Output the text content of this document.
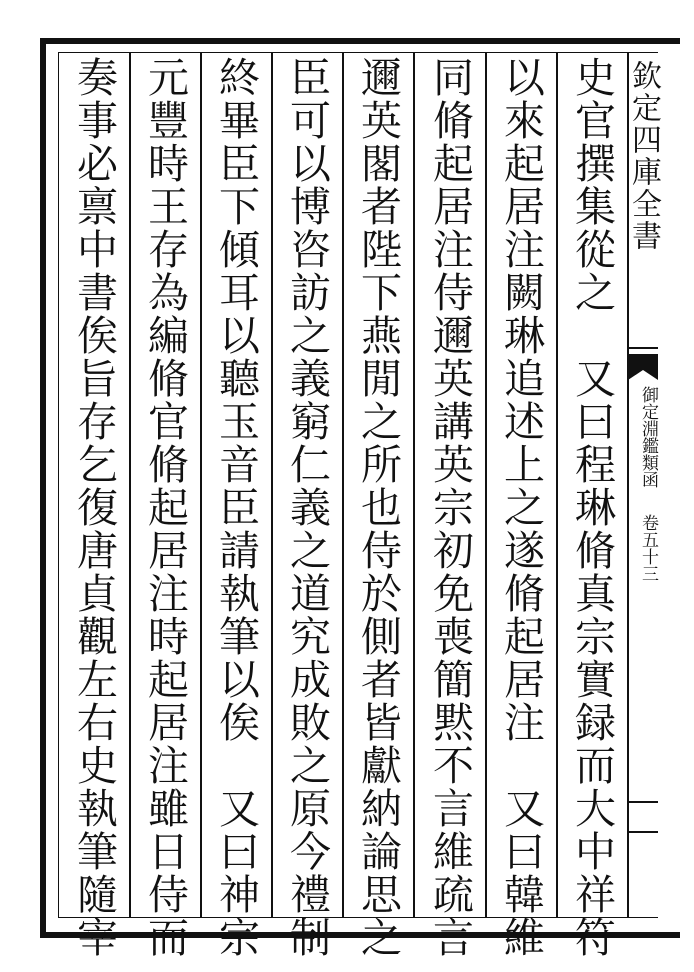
欽定四庫全書
御定淵鑑類函 卷五十三
史官撰集從之　又曰程琳脩真宗實録而大中祥符
以來起居注闕琳追述上之遂脩起居注　又曰韓維
同脩起居注侍邇英講英宗初免喪簡黙不言維疏言
邇英閣者陛下燕閒之所也侍於側者皆獻納論思之
臣可以博咨訪之義窮仁義之道究成敗之原今禮制
終畢臣下傾耳以聽玉音臣請執筆以俟　又曰神宗
元豐時王存為編脩官脩起居注時起居注雖日侍而
奏事必禀中書俟旨存乞復唐貞觀左右史執筆隨宰
